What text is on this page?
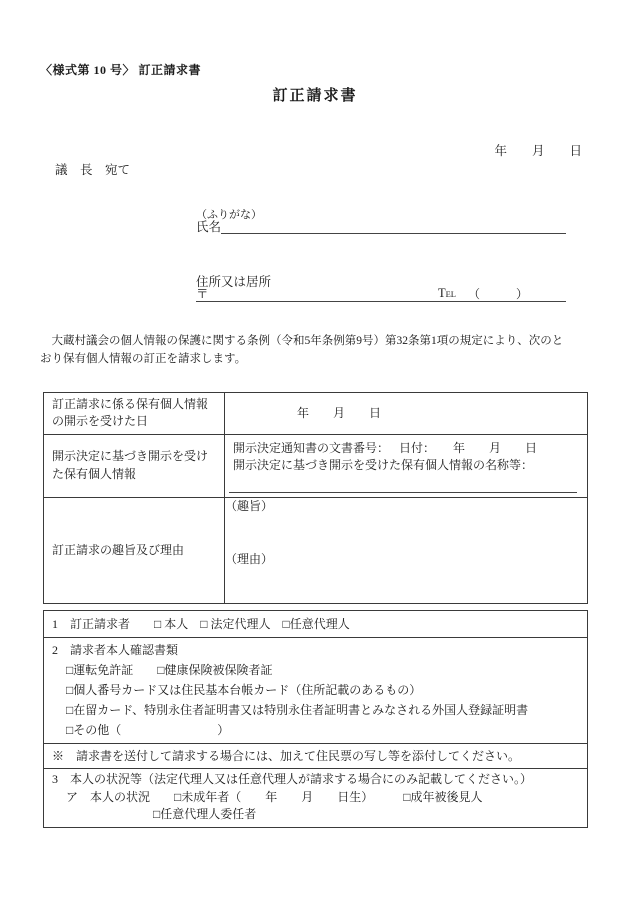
〈様式第 10 号〉 訂正請求書
訂正請求書
年　　月　　日
議　長　宛て
（ふりがな）
氏名
住所又は居所
〒	TEL （　　　）
　大蔵村議会の個人情報の保護に関する条例（令和5年条例第9号）第32条第1項の規定により、次のと
おり保有個人情報の訂正を請求します。
訂正請求に係る保有個人情報の開示を受けた日	年　　月　　日
開示決定に基づき開示を受けた保有個人情報	開示決定通知書の文書番号： 日付：　　年　　月　　日
開示決定に基づき開示を受けた保有個人情報の名称等：

訂正請求の趣旨及び理由	（趣旨）
（理由）
1　訂正請求者　　□ 本人　□ 法定代理人　□任意代理人

2　請求者本人確認書類
□運転免許証　　□健康保険被保険者証
□個人番号カード又は住民基本台帳カード（住所記載のあるもの）
□在留カード、特別永住者証明書又は特別永住者証明書とみなされる外国人登録証明書
□その他（　　　　　　　　）

※　請求書を送付して請求する場合には、加えて住民票の写し等を添付してください。

3　本人の状況等（法定代理人又は任意代理人が請求する場合にのみ記載してください。）
ア　本人の状況　　□未成年者（　　年　　月　　日生）　　　□成年被後見人
□任意代理人委任者
